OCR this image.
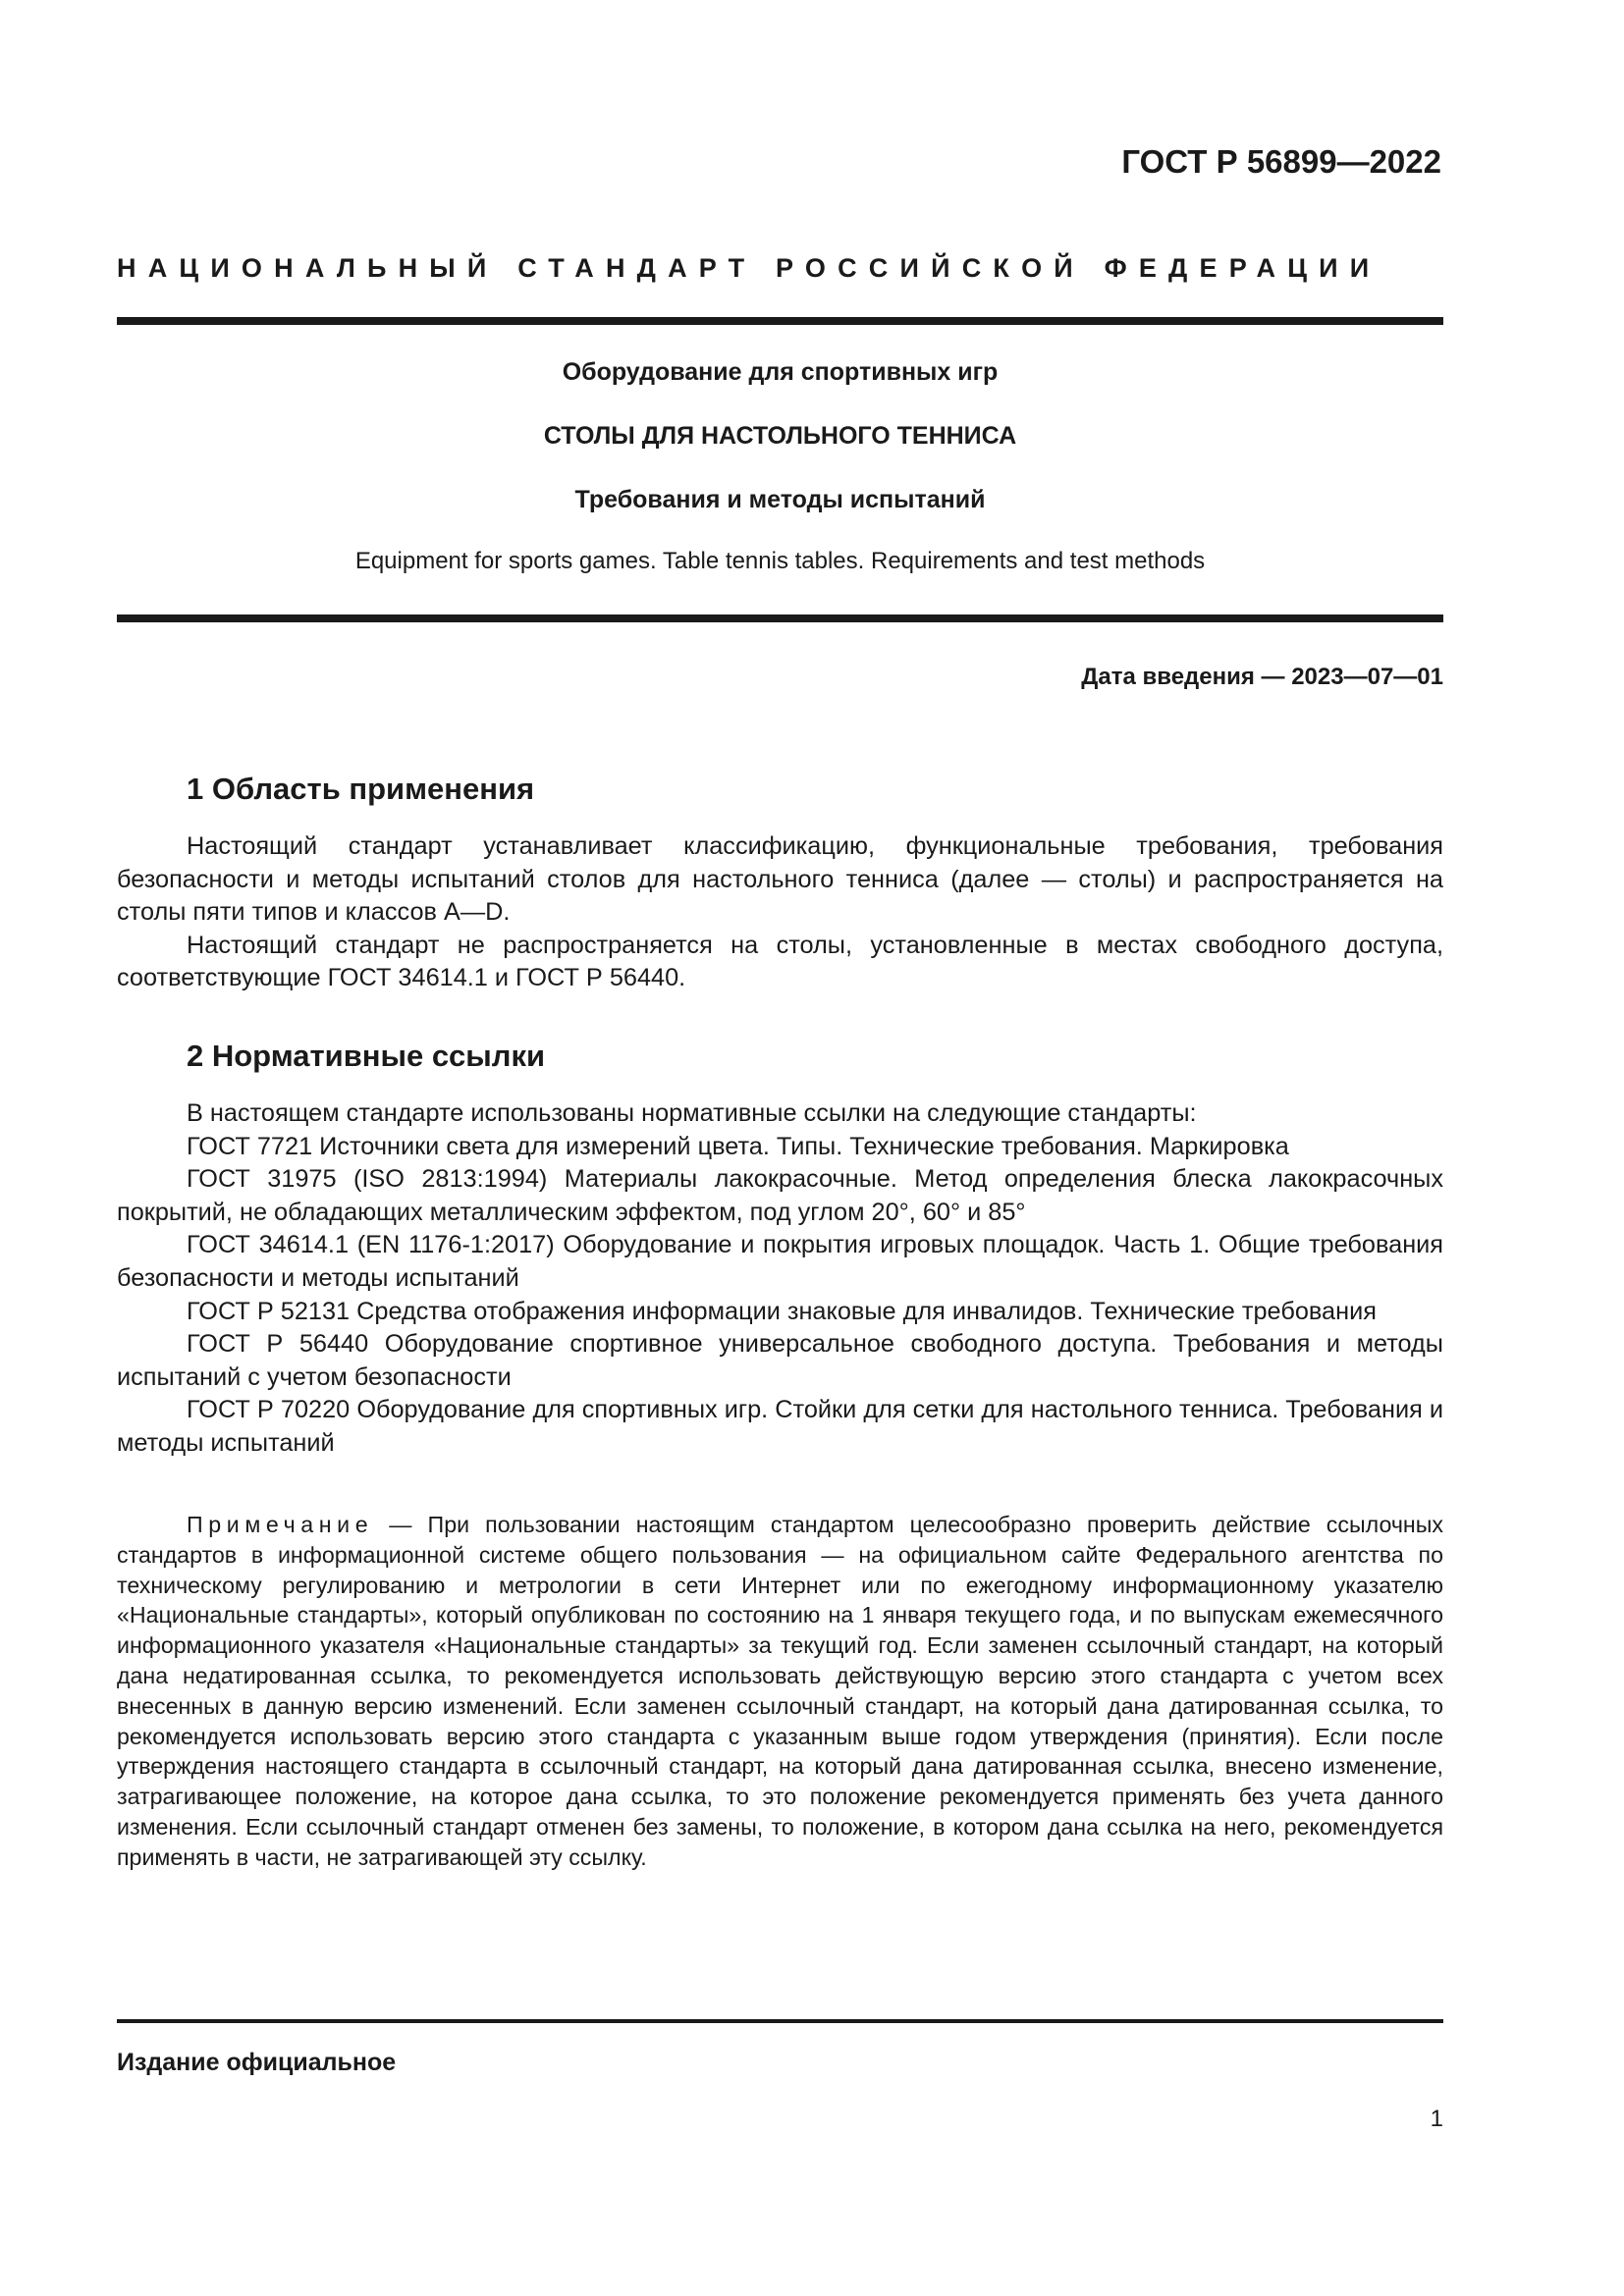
ГОСТ Р 56899—2022
НАЦИОНАЛЬНЫЙ СТАНДАРТ РОССИЙСКОЙ ФЕДЕРАЦИИ
Оборудование для спортивных игр
СТОЛЫ ДЛЯ НАСТОЛЬНОГО ТЕННИСА
Требования и методы испытаний
Equipment for sports games. Table tennis tables. Requirements and test methods
Дата введения — 2023—07—01
1 Область применения

Настоящий стандарт устанавливает классификацию, функциональные требования, требования безопасности и методы испытаний столов для настольного тенниса (далее — столы) и распространяется на столы пяти типов и классов A—D.

Настоящий стандарт не распространяется на столы, установленные в местах свободного доступа, соответствующие ГОСТ 34614.1 и ГОСТ Р 56440.

2 Нормативные ссылки

В настоящем стандарте использованы нормативные ссылки на следующие стандарты:

ГОСТ 7721 Источники света для измерений цвета. Типы. Технические требования. Маркировка

ГОСТ 31975 (ISO 2813:1994) Материалы лакокрасочные. Метод определения блеска лакокрасочных покрытий, не обладающих металлическим эффектом, под углом 20°, 60° и 85°

ГОСТ 34614.1 (EN 1176-1:2017) Оборудование и покрытия игровых площадок. Часть 1. Общие требования безопасности и методы испытаний

ГОСТ Р 52131 Средства отображения информации знаковые для инвалидов. Технические требования

ГОСТ Р 56440 Оборудование спортивное универсальное свободного доступа. Требования и методы испытаний с учетом безопасности

ГОСТ Р 70220 Оборудование для спортивных игр. Стойки для сетки для настольного тенниса. Требования и методы испытаний

Примечание — При пользовании настоящим стандартом целесообразно проверить действие ссылочных стандартов в информационной системе общего пользования — на официальном сайте Федерального агентства по техническому регулированию и метрологии в сети Интернет или по ежегодному информационному указателю «Национальные стандарты», который опубликован по состоянию на 1 января текущего года, и по выпускам ежемесячного информационного указателя «Национальные стандарты» за текущий год. Если заменен ссылочный стандарт, на который дана недатированная ссылка, то рекомендуется использовать действующую версию этого стандарта с учетом всех внесенных в данную версию изменений. Если заменен ссылочный стандарт, на который дана датированная ссылка, то рекомендуется использовать версию этого стандарта с указанным выше годом утверждения (принятия). Если после утверждения настоящего стандарта в ссылочный стандарт, на который дана датированная ссылка, внесено изменение, затрагивающее положение, на которое дана ссылка, то это положение рекомендуется применять без учета данного изменения. Если ссылочный стандарт отменен без замены, то положение, в котором дана ссылка на него, рекомендуется применять в части, не затрагивающей эту ссылку.

Издание официальное
1
